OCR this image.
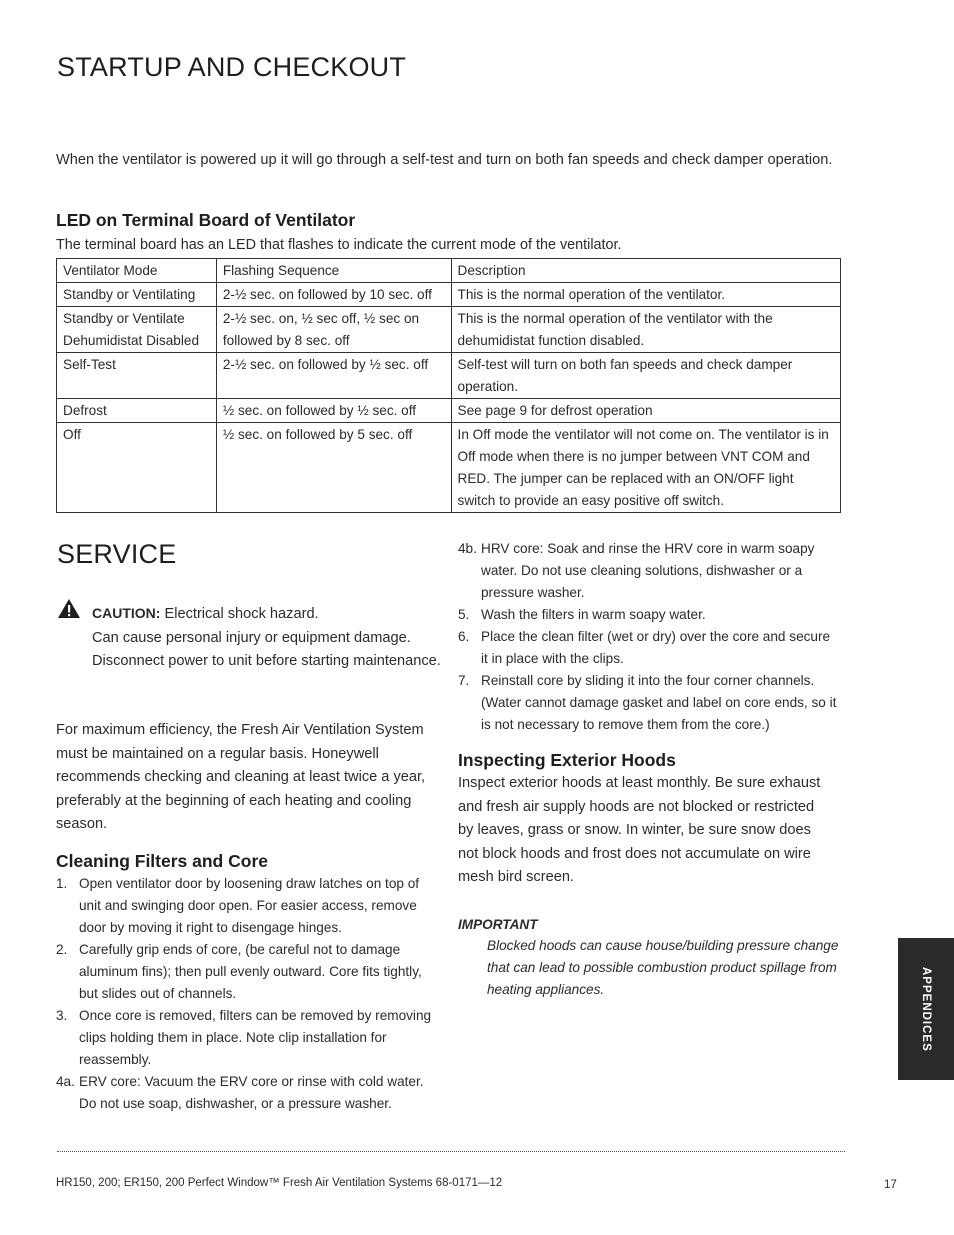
STARTUP AND CHECKOUT
When the ventilator is powered up it will go through a self-test and turn on both fan speeds and check damper operation.
LED on Terminal Board of Ventilator
The terminal board has an LED that flashes to indicate the current mode of the ventilator.
Ventilator Mode	Flashing Sequence	Description
Standby or Ventilating	2-½ sec. on followed by 10 sec. off	This is the normal operation of the ventilator.
Standby or Ventilate Dehumidistat Disabled	2-½ sec. on, ½ sec off, ½ sec on followed by 8 sec. off	This is the normal operation of the ventilator with the dehumidistat function disabled.
Self-Test	2-½ sec. on followed by ½ sec. off	Self-test will turn on both fan speeds and check damper operation.
Defrost	½ sec. on followed by ½ sec. off	See page 9 for defrost operation
Off	½ sec. on followed by 5 sec. off	In Off mode the ventilator will not come on. The ventilator is in Off mode when there is no jumper between VNT COM and RED. The jumper can be replaced with an ON/OFF light switch to provide an easy positive off switch.
SERVICE
CAUTION: Electrical shock hazard.
Can cause personal injury or equipment damage. Disconnect power to unit before starting maintenance.
For maximum efficiency, the Fresh Air Ventilation System must be maintained on a regular basis. Honeywell recommends checking and cleaning at least twice a year, preferably at the beginning of each heating and cooling season.
Cleaning Filters and Core
1. Open ventilator door by loosening draw latches on top of unit and swinging door open. For easier access, remove door by moving it right to disengage hinges.
2. Carefully grip ends of core, (be careful not to damage aluminum fins); then pull evenly outward. Core fits tightly, but slides out of channels.
3. Once core is removed, filters can be removed by removing clips holding them in place. Note clip installation for reassembly.
4a. ERV core: Vacuum the ERV core or rinse with cold water. Do not use soap, dishwasher, or a pressure washer.
4b. HRV core: Soak and rinse the HRV core in warm soapy water. Do not use cleaning solutions, dishwasher or a pressure washer.
5. Wash the filters in warm soapy water.
6. Place the clean filter (wet or dry) over the core and secure it in place with the clips.
7. Reinstall core by sliding it into the four corner channels. (Water cannot damage gasket and label on core ends, so it is not necessary to remove them from the core.)
Inspecting Exterior Hoods
Inspect exterior hoods at least monthly. Be sure exhaust and fresh air supply hoods are not blocked or restricted by leaves, grass or snow. In winter, be sure snow does not block hoods and frost does not accumulate on wire mesh bird screen.
IMPORTANT
Blocked hoods can cause house/building pressure change that can lead to possible combustion product spillage from heating appliances.	APPENDICES
HR150, 200; ER150, 200 Perfect Window™ Fresh Air Ventilation Systems 68-0171—12	17
